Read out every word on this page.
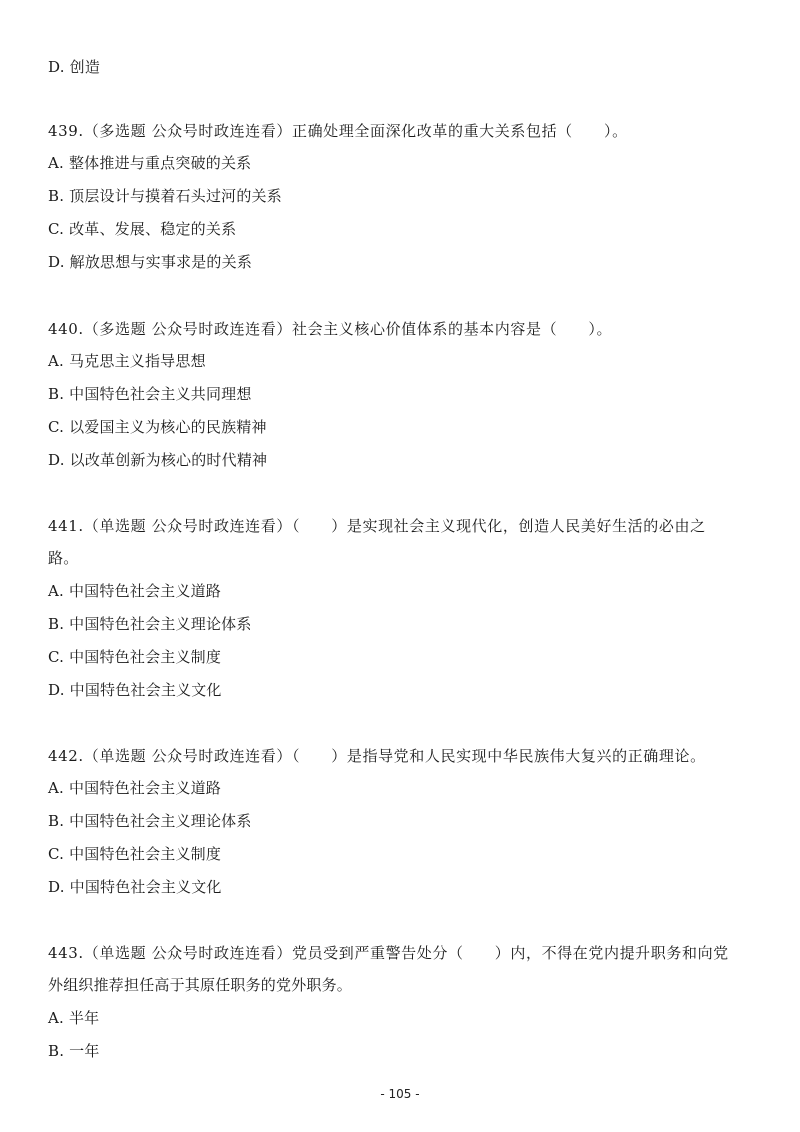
D. 创造
439.（多选题 公众号时政连连看）正确处理全面深化改革的重大关系包括（　　）。
A. 整体推进与重点突破的关系
B. 顶层设计与摸着石头过河的关系
C. 改革、发展、稳定的关系
D. 解放思想与实事求是的关系
440.（多选题 公众号时政连连看）社会主义核心价值体系的基本内容是（　　）。
A. 马克思主义指导思想
B. 中国特色社会主义共同理想
C. 以爱国主义为核心的民族精神
D. 以改革创新为核心的时代精神
441.（单选题 公众号时政连连看）（　　）是实现社会主义现代化，创造人民美好生活的必由之
路。
A. 中国特色社会主义道路
B. 中国特色社会主义理论体系
C. 中国特色社会主义制度
D. 中国特色社会主义文化
442.（单选题 公众号时政连连看）（　　）是指导党和人民实现中华民族伟大复兴的正确理论。
A. 中国特色社会主义道路
B. 中国特色社会主义理论体系
C. 中国特色社会主义制度
D. 中国特色社会主义文化
443.（单选题 公众号时政连连看）党员受到严重警告处分（　　）内，不得在党内提升职务和向党
外组织推荐担任高于其原任职务的党外职务。
A. 半年
B. 一年
- 105 -
